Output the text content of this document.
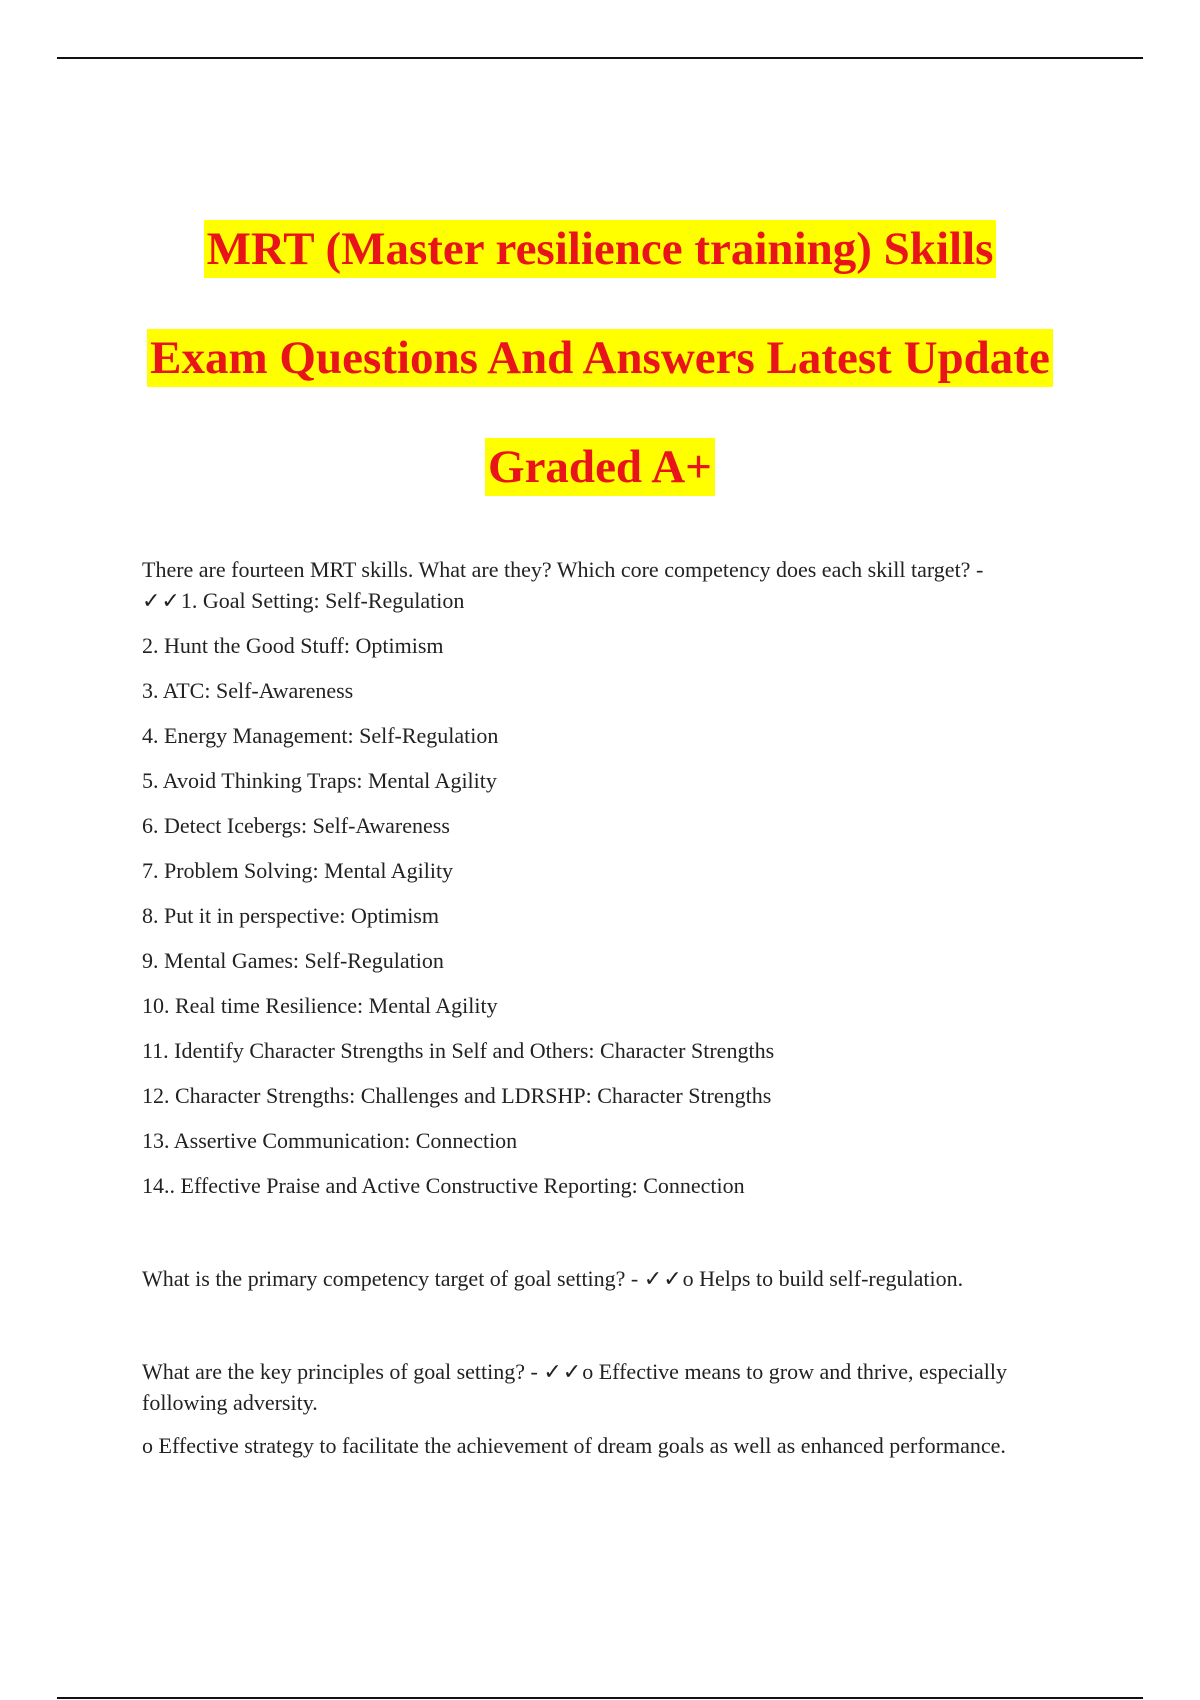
MRT (Master resilience training) Skills
Exam Questions And Answers Latest Update
Graded A+

There are fourteen MRT skills. What are they? Which core competency does each skill target? -
✓✓1. Goal Setting: Self-Regulation

2. Hunt the Good Stuff: Optimism

3. ATC: Self-Awareness

4. Energy Management: Self-Regulation

5. Avoid Thinking Traps: Mental Agility

6. Detect Icebergs: Self-Awareness

7. Problem Solving: Mental Agility

8. Put it in perspective: Optimism

9. Mental Games: Self-Regulation

10. Real time Resilience: Mental Agility

11. Identify Character Strengths in Self and Others: Character Strengths

12. Character Strengths: Challenges and LDRSHP: Character Strengths

13. Assertive Communication: Connection

14.. Effective Praise and Active Constructive Reporting: Connection

What is the primary competency target of goal setting? - ✓✓o Helps to build self-regulation.

What are the key principles of goal setting? - ✓✓o Effective means to grow and thrive, especially following adversity.

o Effective strategy to facilitate the achievement of dream goals as well as enhanced performance.
